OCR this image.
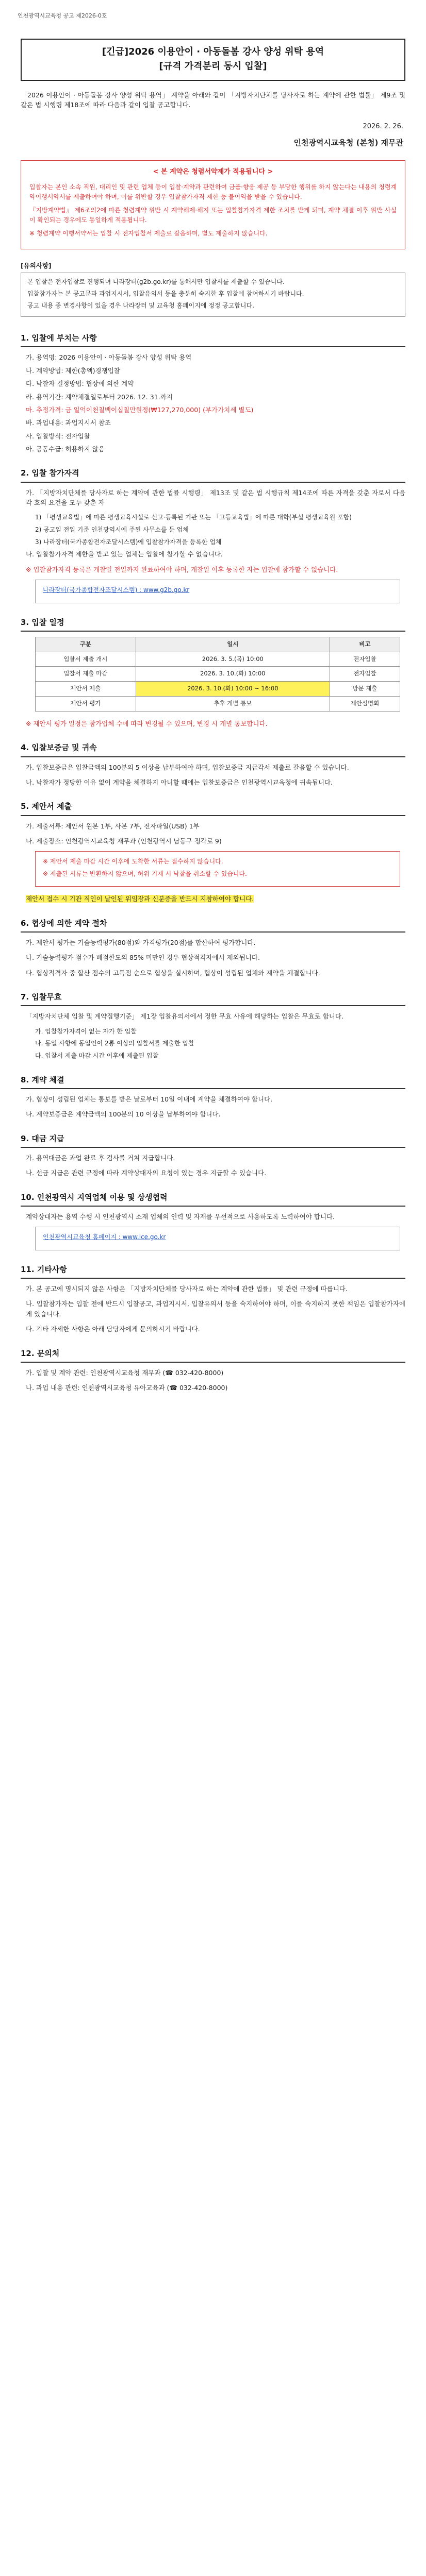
인천광역시교육청 공고 제2026-0호
[긴급]2026 이용안이 · 아동돌봄 강사 양성 위탁 용역
[규격 가격분리 동시 입찰]

「2026 이용안이 · 아동돌봄 강사 양성 위탁 용역」 계약을 아래와 같이 「지방자치단체를 당사자로 하는 계약에 관한 법률」 제9조 및 같은 법 시행령 제18조에 따라 다음과 같이 입찰 공고합니다.

2026. 2. 26.
인천광역시교육청 (본청) 재무관
< 본 계약은 청렴서약제가 적용됩니다 >

입찰자는 본인 소속 직원, 대리인 및 관련 업체 등이 입찰·계약과 관련하여 금품·향응 제공 등 부당한 행위를 하지 않는다는 내용의 청렴계약이행서약서를 제출하여야 하며, 이를 위반할 경우 입찰참가자격 제한 등 불이익을 받을 수 있습니다.

『지방계약법』 제6조의2에 따른 청렴계약 위반 시 계약해제·해지 또는 입찰참가자격 제한 조치를 받게 되며, 계약 체결 이후 위반 사실이 확인되는 경우에도 동일하게 적용됩니다.

※ 청렴계약 이행서약서는 입찰 시 전자입찰서 제출로 갈음하며, 별도 제출하지 않습니다.

[유의사항]

본 입찰은 전자입찰로 진행되며 나라장터(g2b.go.kr)를 통해서만 입찰서를 제출할 수 있습니다.

입찰참가자는 본 공고문과 과업지시서, 입찰유의서 등을 충분히 숙지한 후 입찰에 참여하시기 바랍니다.

공고 내용 중 변경사항이 있을 경우 나라장터 및 교육청 홈페이지에 정정 공고합니다.

1. 입찰에 부치는 사항

가. 용역명: 2026 이용안이 · 아동돌봄 강사 양성 위탁 용역

나. 계약방법: 제한(총액)경쟁입찰

다. 낙찰자 결정방법: 협상에 의한 계약

라. 용역기간: 계약체결일로부터 2026. 12. 31.까지

마. 추정가격: 금 일억이천칠백이십칠만원정(₩127,270,000) (부가가치세 별도)

바. 과업내용: 과업지시서 참조

사. 입찰방식: 전자입찰

아. 공동수급: 허용하지 않음

2. 입찰 참가자격

가. 「지방자치단체를 당사자로 하는 계약에 관한 법률 시행령」 제13조 및 같은 법 시행규칙 제14조에 따른 자격을 갖춘 자로서 다음 각 호의 요건을 모두 갖춘 자

1) 「평생교육법」에 따른 평생교육시설로 신고·등록된 기관 또는 「고등교육법」에 따른 대학(부설 평생교육원 포함)

2) 공고일 전일 기준 인천광역시에 주된 사무소를 둔 업체

3) 나라장터(국가종합전자조달시스템)에 입찰참가자격을 등록한 업체

나. 입찰참가자격 제한을 받고 있는 업체는 입찰에 참가할 수 없습니다.

※ 입찰참가자격 등록은 개찰일 전일까지 완료하여야 하며, 개찰일 이후 등록한 자는 입찰에 참가할 수 없습니다.

나라장터(국가종합전자조달시스템) : www.g2b.go.kr

3. 입찰 일정
구분	일시	비고
입찰서 제출 개시	2026. 3. 5.(목) 10:00	전자입찰
입찰서 제출 마감	2026. 3. 10.(화) 10:00	전자입찰
제안서 제출	2026. 3. 10.(화) 10:00 ~ 16:00	방문 제출
제안서 평가	추후 개별 통보	제안설명회

※ 제안서 평가 일정은 참가업체 수에 따라 변경될 수 있으며, 변경 시 개별 통보합니다.

4. 입찰보증금 및 귀속

가. 입찰보증금은 입찰금액의 100분의 5 이상을 납부하여야 하며, 입찰보증금 지급각서 제출로 갈음할 수 있습니다.

나. 낙찰자가 정당한 이유 없이 계약을 체결하지 아니할 때에는 입찰보증금은 인천광역시교육청에 귀속됩니다.

5. 제안서 제출

가. 제출서류: 제안서 원본 1부, 사본 7부, 전자파일(USB) 1부

나. 제출장소: 인천광역시교육청 재무과 (인천광역시 남동구 정각로 9)

※ 제안서 제출 마감 시간 이후에 도착한 서류는 접수하지 않습니다.

※ 제출된 서류는 반환하지 않으며, 허위 기재 시 낙찰을 취소할 수 있습니다.

제안서 접수 시 기관 직인이 날인된 위임장과 신분증을 반드시 지참하여야 합니다.

6. 협상에 의한 계약 절차

가. 제안서 평가는 기술능력평가(80점)와 가격평가(20점)를 합산하여 평가합니다.

나. 기술능력평가 점수가 배점한도의 85% 미만인 경우 협상적격자에서 제외됩니다.

다. 협상적격자 중 합산 점수의 고득점 순으로 협상을 실시하며, 협상이 성립된 업체와 계약을 체결합니다.

7. 입찰무효

「지방자치단체 입찰 및 계약집행기준」 제1장 입찰유의서에서 정한 무효 사유에 해당하는 입찰은 무효로 합니다.

가. 입찰참가자격이 없는 자가 한 입찰

나. 동일 사항에 동일인이 2통 이상의 입찰서를 제출한 입찰

다. 입찰서 제출 마감 시간 이후에 제출된 입찰

8. 계약 체결

가. 협상이 성립된 업체는 통보를 받은 날로부터 10일 이내에 계약을 체결하여야 합니다.

나. 계약보증금은 계약금액의 100분의 10 이상을 납부하여야 합니다.

9. 대금 지급

가. 용역대금은 과업 완료 후 검사를 거쳐 지급합니다.

나. 선금 지급은 관련 규정에 따라 계약상대자의 요청이 있는 경우 지급할 수 있습니다.

10. 인천광역시 지역업체 이용 및 상생협력

계약상대자는 용역 수행 시 인천광역시 소재 업체의 인력 및 자재를 우선적으로 사용하도록 노력하여야 합니다.

인천광역시교육청 홈페이지 : www.ice.go.kr

11. 기타사항

가. 본 공고에 명시되지 않은 사항은 「지방자치단체를 당사자로 하는 계약에 관한 법률」 및 관련 규정에 따릅니다.

나. 입찰참가자는 입찰 전에 반드시 입찰공고, 과업지시서, 입찰유의서 등을 숙지하여야 하며, 이를 숙지하지 못한 책임은 입찰참가자에게 있습니다.

다. 기타 자세한 사항은 아래 담당자에게 문의하시기 바랍니다.

12. 문의처

가. 입찰 및 계약 관련: 인천광역시교육청 재무과 (☎ 032-420-8000)

나. 과업 내용 관련: 인천광역시교육청 유아교육과 (☎ 032-420-8000)
